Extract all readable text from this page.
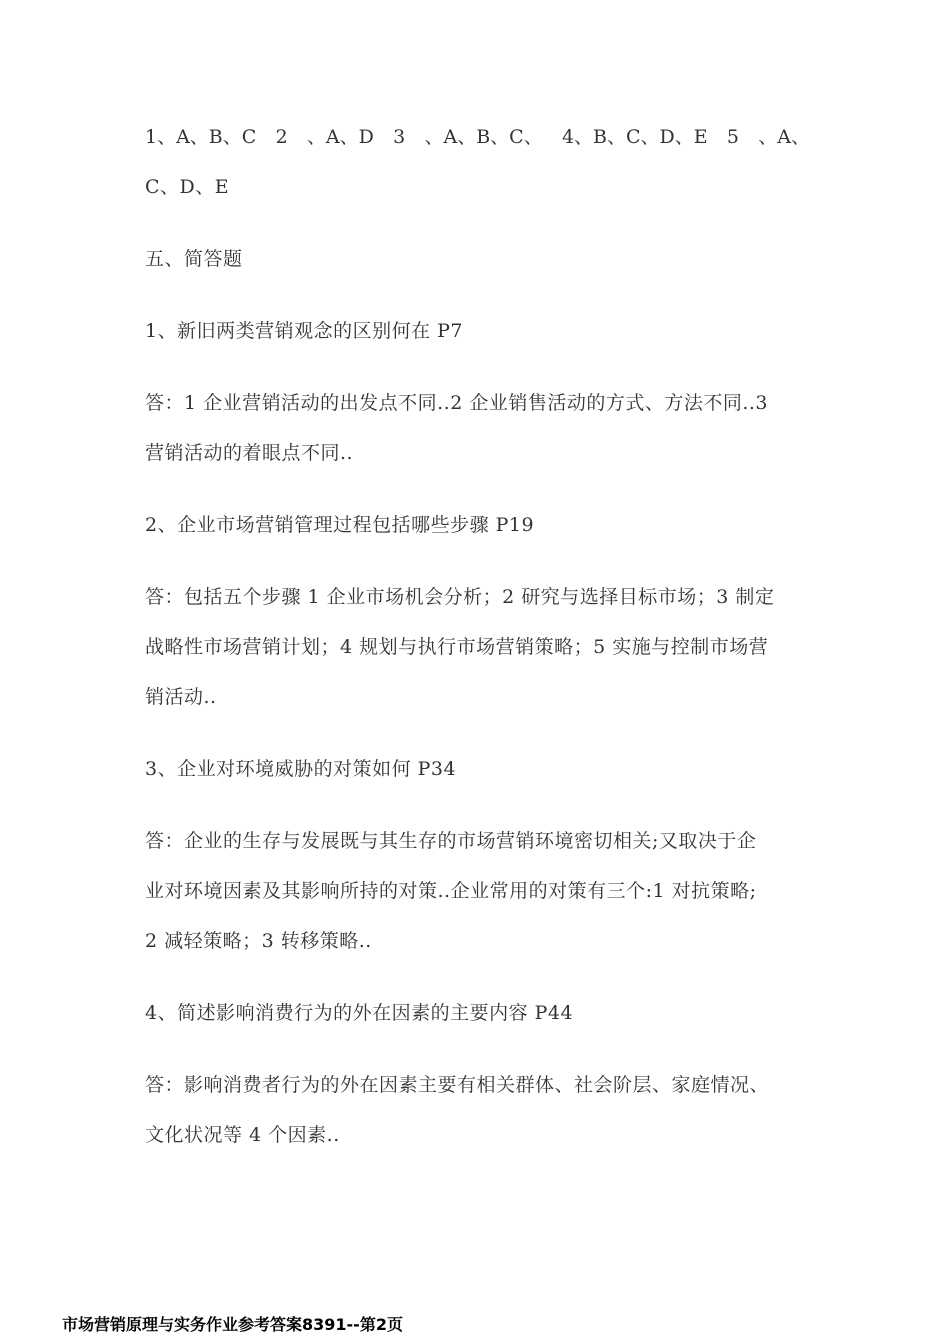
1、A、B、C 2 、A、D 3 、A、B、C、 4、B、C、D、E 5 、A、
C、D、E
五、简答题
1、新旧两类营销观念的区别何在 P7
答：1 企业营销活动的出发点不同..2 企业销售活动的方式、方法不同..3
营销活动的着眼点不同..
2、企业市场营销管理过程包括哪些步骤 P19
答：包括五个步骤 1 企业市场机会分析；2 研究与选择目标市场；3 制定
战略性市场营销计划；4 规划与执行市场营销策略；5 实施与控制市场营
销活动..
3、企业对环境威胁的对策如何 P34
答：企业的生存与发展既与其生存的市场营销环境密切相关;又取决于企
业对环境因素及其影响所持的对策..企业常用的对策有三个:1 对抗策略;
2 减轻策略；3 转移策略..
4、简述影响消费行为的外在因素的主要内容 P44
答：影响消费者行为的外在因素主要有相关群体、社会阶层、家庭情况、
文化状况等 4 个因素..
市场营销原理与实务作业参考答案8391--第2页
